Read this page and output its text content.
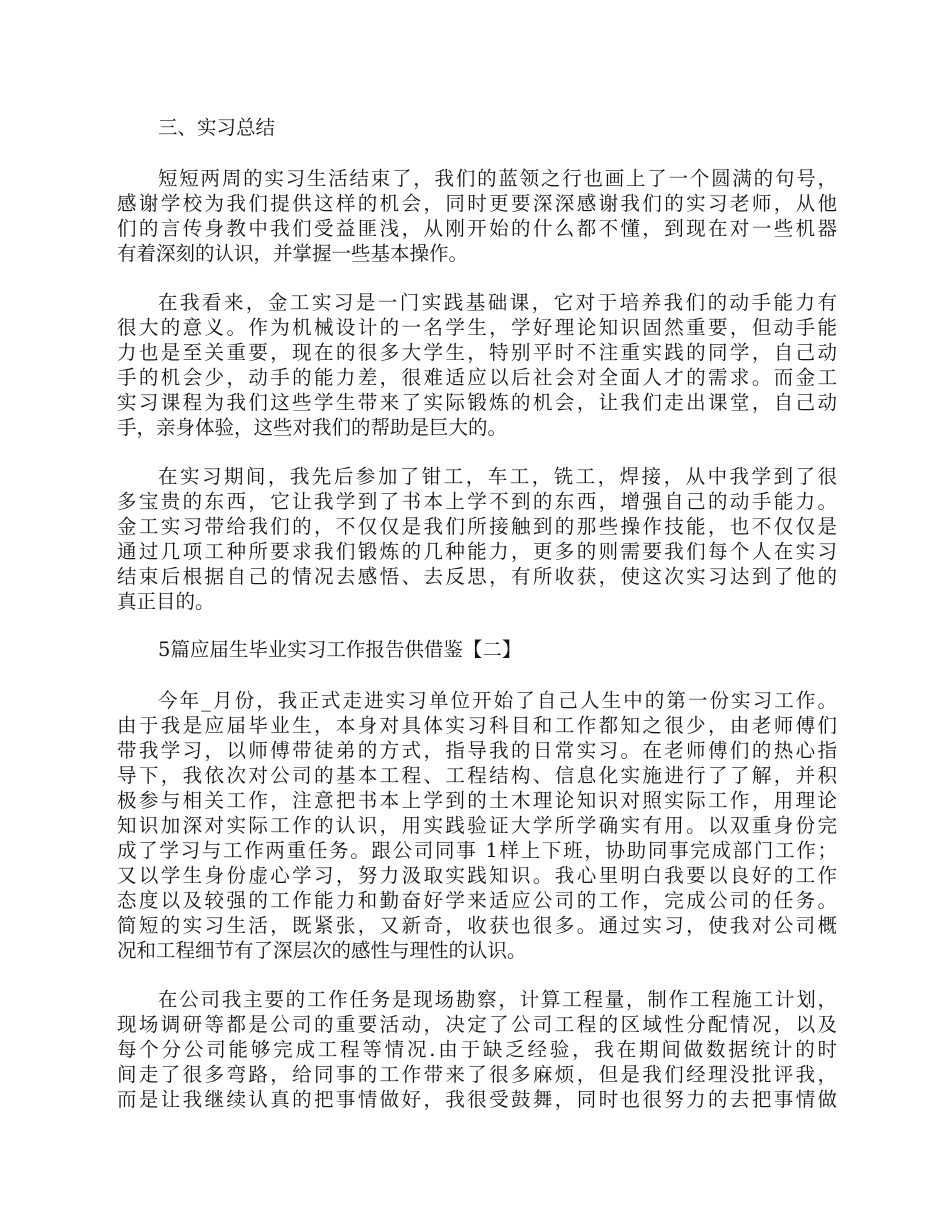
三、实习总结
短短两周的实习生活结束了，我们的蓝领之行也画上了一个圆满的句号，
感谢学校为我们提供这样的机会，同时更要深深感谢我们的实习老师，从他
们的言传身教中我们受益匪浅，从刚开始的什么都不懂，到现在对一些机器
有着深刻的认识，并掌握一些基本操作。
在我看来，金工实习是一门实践基础课，它对于培养我们的动手能力有
很大的意义。作为机械设计的一名学生，学好理论知识固然重要，但动手能
力也是至关重要，现在的很多大学生，特别平时不注重实践的同学，自己动
手的机会少，动手的能力差，很难适应以后社会对全面人才的需求。而金工
实习课程为我们这些学生带来了实际锻炼的机会，让我们走出课堂，自己动
手，亲身体验，这些对我们的帮助是巨大的。
在实习期间，我先后参加了钳工，车工，铣工，焊接，从中我学到了很
多宝贵的东西，它让我学到了书本上学不到的东西，增强自己的动手能力。
金工实习带给我们的，不仅仅是我们所接触到的那些操作技能，也不仅仅是
通过几项工种所要求我们锻炼的几种能力，更多的则需要我们每个人在实习
结束后根据自己的情况去感悟、去反思，有所收获，使这次实习达到了他的
真正目的。
5篇应届生毕业实习工作报告供借鉴【二】
今年_月份，我正式走进实习单位开始了自己人生中的第一份实习工作。
由于我是应届毕业生，本身对具体实习科目和工作都知之很少，由老师傅们
带我学习，以师傅带徒弟的方式，指导我的日常实习。在老师傅们的热心指
导下，我依次对公司的基本工程、工程结构、信息化实施进行了了解，并积
极参与相关工作，注意把书本上学到的土木理论知识对照实际工作，用理论
知识加深对实际工作的认识，用实践验证大学所学确实有用。以双重身份完
成了学习与工作两重任务。跟公司同事 1样上下班，协助同事完成部门工作；
又以学生身份虚心学习，努力汲取实践知识。我心里明白我要以良好的工作
态度以及较强的工作能力和勤奋好学来适应公司的工作，完成公司的任务。
简短的实习生活，既紧张，又新奇，收获也很多。通过实习，使我对公司概
况和工程细节有了深层次的感性与理性的认识。
在公司我主要的工作任务是现场勘察，计算工程量，制作工程施工计划，
现场调研等都是公司的重要活动，决定了公司工程的区域性分配情况，以及
每个分公司能够完成工程等情况.由于缺乏经验，我在期间做数据统计的时
间走了很多弯路，给同事的工作带来了很多麻烦，但是我们经理没批评我，
而是让我继续认真的把事情做好，我很受鼓舞，同时也很努力的去把事情做
